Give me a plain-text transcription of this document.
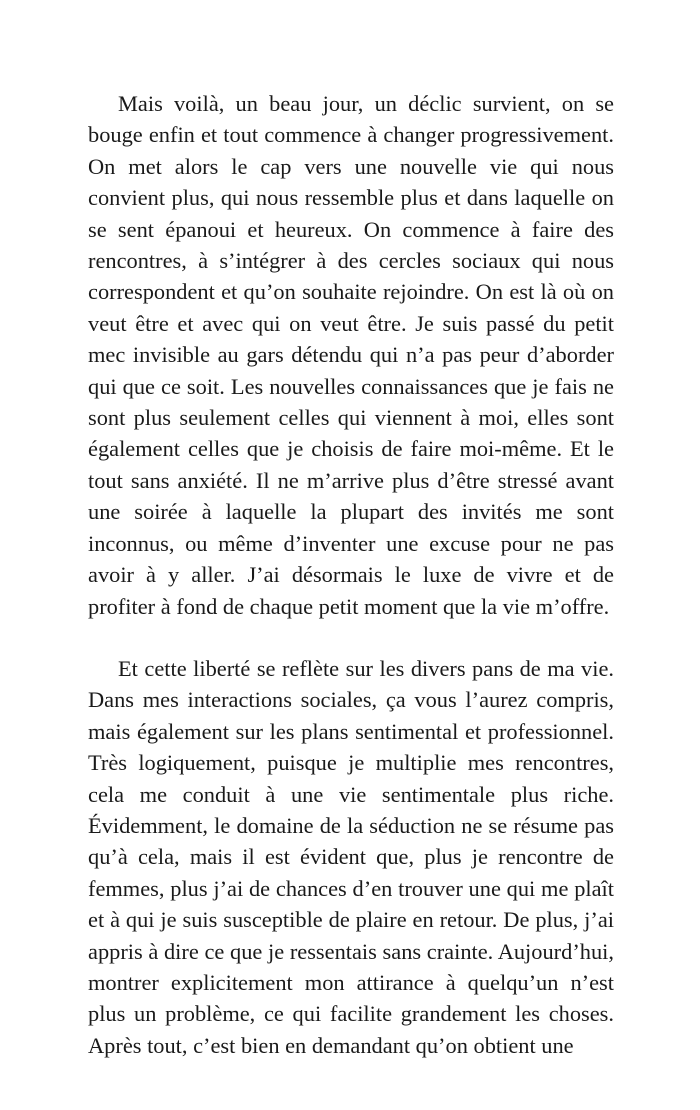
Mais voilà, un beau jour, un déclic survient, on se bouge enfin et tout commence à changer progressivement. On met alors le cap vers une nouvelle vie qui nous convient plus, qui nous ressemble plus et dans laquelle on se sent épanoui et heureux. On commence à faire des rencontres, à s’intégrer à des cercles sociaux qui nous correspondent et qu’on souhaite rejoindre. On est là où on veut être et avec qui on veut être. Je suis passé du petit mec invisible au gars détendu qui n’a pas peur d’aborder qui que ce soit. Les nouvelles connaissances que je fais ne sont plus seulement celles qui viennent à moi, elles sont également celles que je choisis de faire moi-même. Et le tout sans anxiété. Il ne m’arrive plus d’être stressé avant une soirée à laquelle la plupart des invités me sont inconnus, ou même d’inventer une excuse pour ne pas avoir à y aller. J’ai désormais le luxe de vivre et de profiter à fond de chaque petit moment que la vie m’offre.

Et cette liberté se reflète sur les divers pans de ma vie. Dans mes interactions sociales, ça vous l’aurez compris, mais également sur les plans sentimental et professionnel. Très logiquement, puisque je multiplie mes rencontres, cela me conduit à une vie sentimentale plus riche. Évidemment, le domaine de la séduction ne se résume pas qu’à cela, mais il est évident que, plus je rencontre de femmes, plus j’ai de chances d’en trouver une qui me plaît et à qui je suis susceptible de plaire en retour. De plus, j’ai appris à dire ce que je ressentais sans crainte. Aujourd’hui, montrer explicitement mon attirance à quelqu’un n’est plus un problème, ce qui facilite grandement les choses. Après tout, c’est bien en demandant qu’on obtient une
